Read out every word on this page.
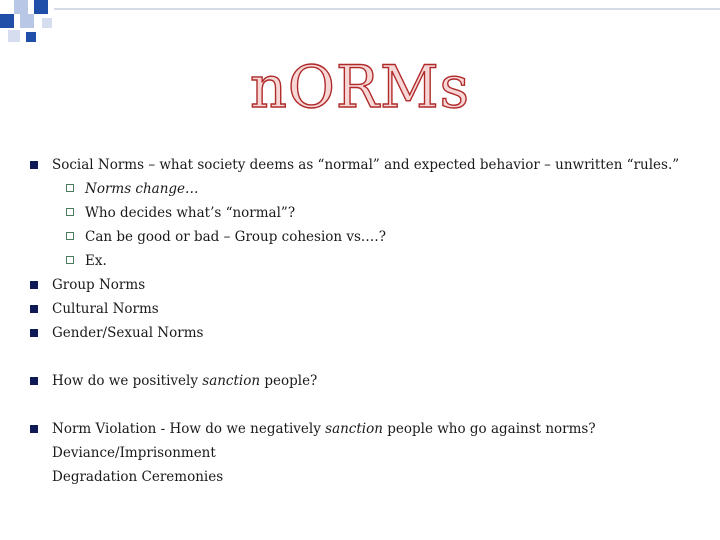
nORMs
Social Norms – what society deems as “normal” and expected behavior – unwritten “rules.”
Norms change…
Who decides what’s “normal”?
Can be good or bad – Group cohesion vs.…?
Ex.
Group Norms
Cultural Norms
Gender/Sexual Norms
How do we positively sanction people?
Norm Violation - How do we negatively sanction people who go against norms?
Deviance/Imprisonment
Degradation Ceremonies
